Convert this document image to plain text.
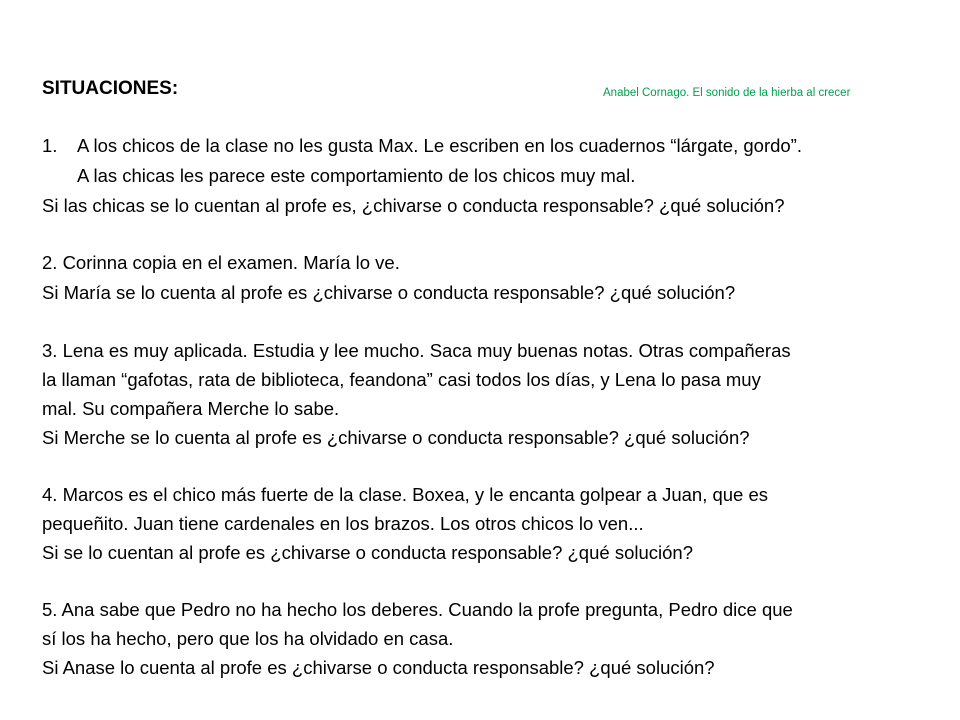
SITUACIONES:	Anabel Cornago. El sonido de la hierba al crecer
1. A los chicos de la clase no les gusta Max. Le escriben en los cuadernos “lárgate, gordo”.
A las chicas les parece este comportamiento de los chicos muy mal.
Si las chicas se lo cuentan al profe es, ¿chivarse o conducta responsable? ¿qué solución?
2. Corinna copia en el examen. María lo ve.
Si María se lo cuenta al profe es ¿chivarse o conducta responsable? ¿qué solución?
3. Lena es muy aplicada. Estudia y lee mucho. Saca muy buenas notas. Otras compañeras
la llaman “gafotas, rata de biblioteca, feandona” casi todos los días, y Lena lo pasa muy
mal. Su compañera Merche lo sabe.
Si Merche se lo cuenta al profe es ¿chivarse o conducta responsable? ¿qué solución?
4. Marcos es el chico más fuerte de la clase. Boxea, y le encanta golpear a Juan, que es
pequeñito. Juan tiene cardenales en los brazos. Los otros chicos lo ven...
Si se lo cuentan al profe es ¿chivarse o conducta responsable? ¿qué solución?
5. Ana sabe que Pedro no ha hecho los deberes. Cuando la profe pregunta, Pedro dice que
sí los ha hecho, pero que los ha olvidado en casa.
Si Anase lo cuenta al profe es ¿chivarse o conducta responsable? ¿qué solución?
